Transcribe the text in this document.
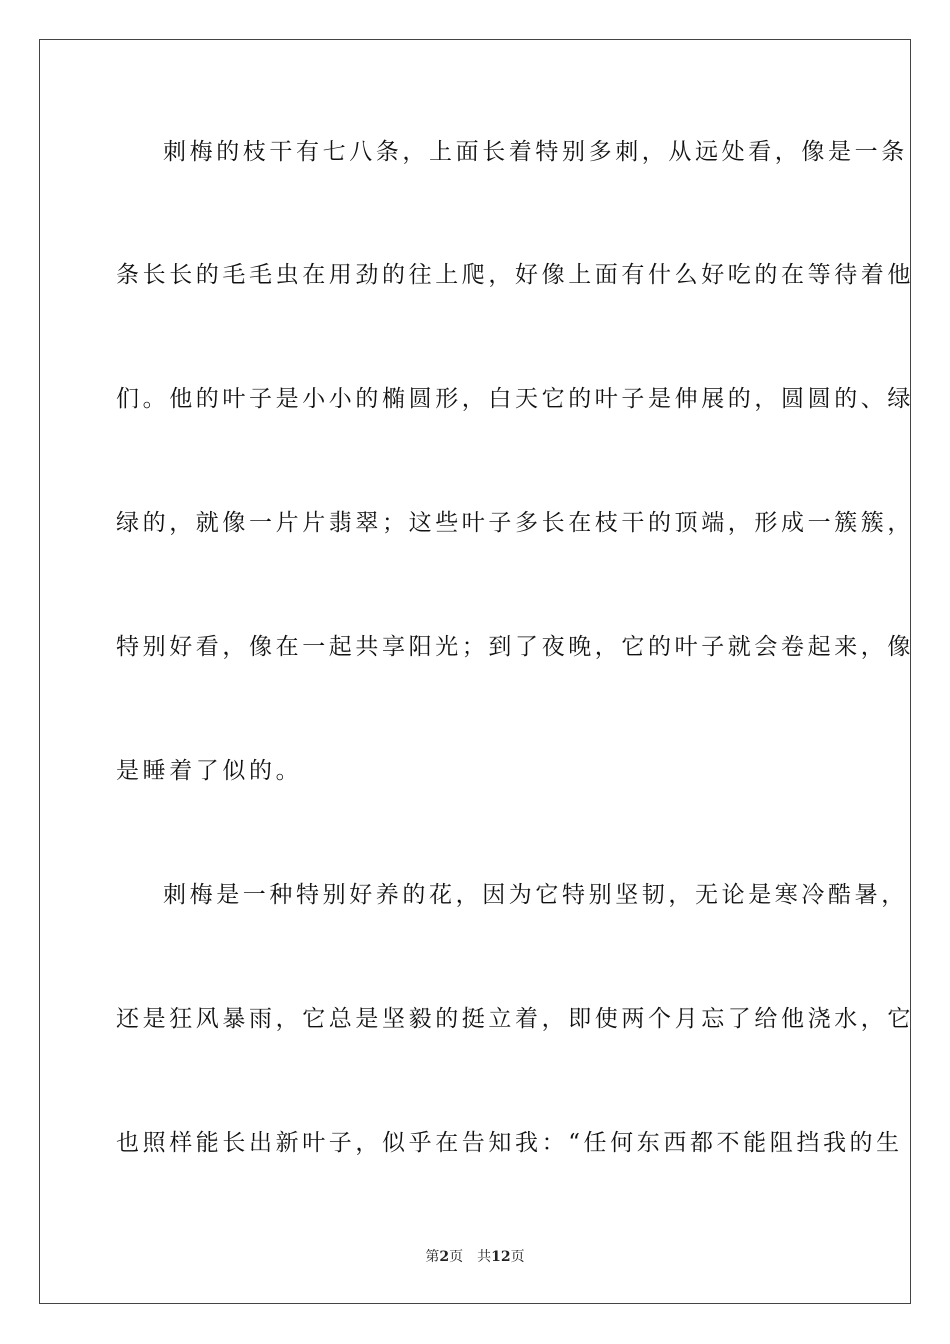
刺梅的枝干有七八条，上面长着特别多刺，从远处看，像是一条
条长长的毛毛虫在用劲的往上爬，好像上面有什么好吃的在等待着他
们。他的叶子是小小的椭圆形，白天它的叶子是伸展的，圆圆的、绿
绿的，就像一片片翡翠；这些叶子多长在枝干的顶端，形成一簇簇，
特别好看，像在一起共享阳光；到了夜晚，它的叶子就会卷起来，像
是睡着了似的。
刺梅是一种特别好养的花，因为它特别坚韧，无论是寒冷酷暑，
还是狂风暴雨，它总是坚毅的挺立着，即使两个月忘了给他浇水，它
也照样能长出新叶子，似乎在告知我：“任何东西都不能阻挡我的生
第2页 共12页
